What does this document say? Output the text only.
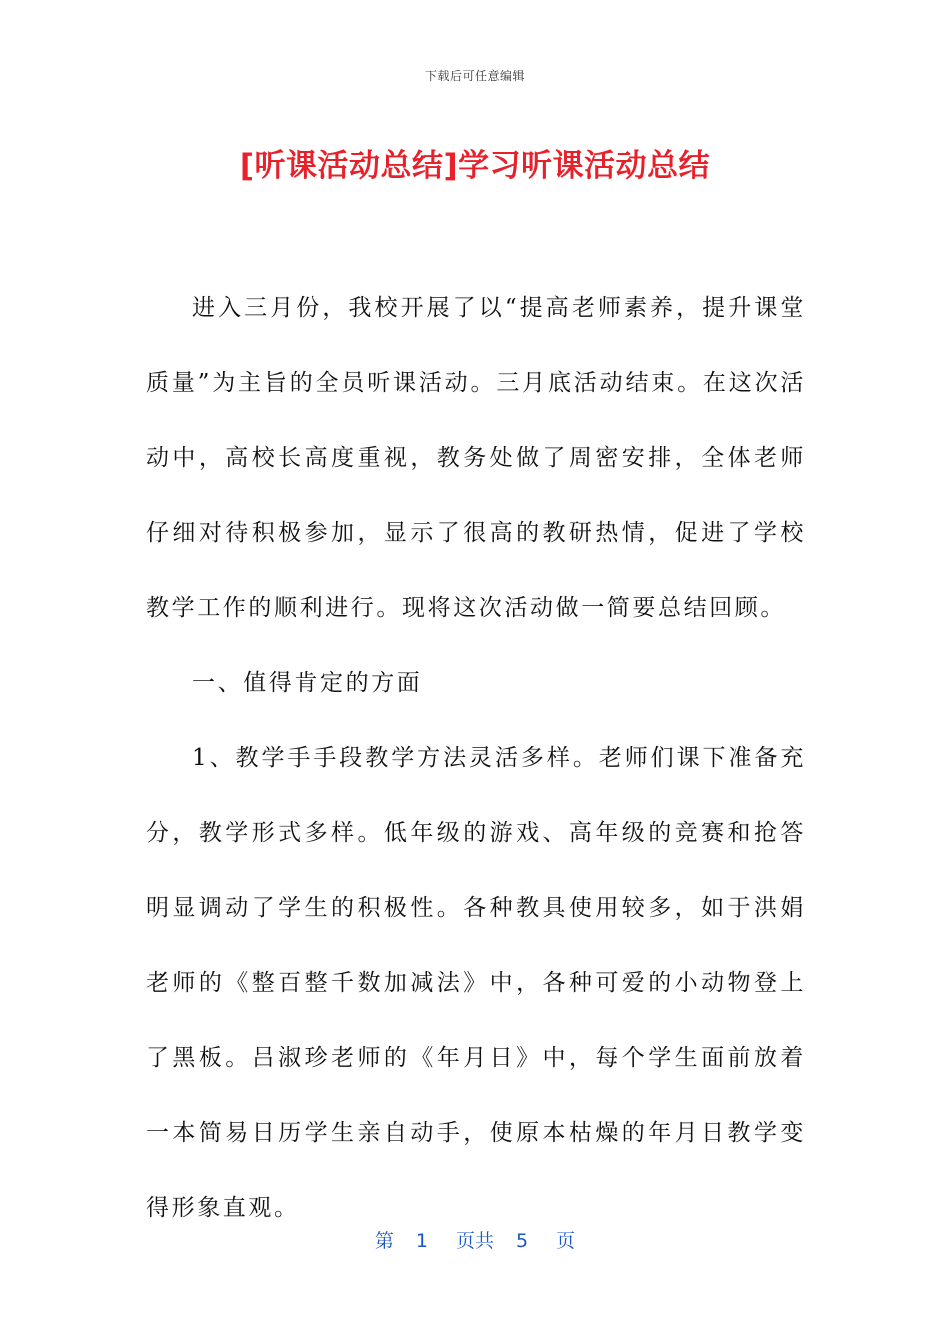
下载后可任意编辑
[听课活动总结]学习听课活动总结

进入三月份，我校开展了以“提高老师素养，提升课堂质量”为主旨的全员听课活动。三月底活动结束。在这次活动中，高校长高度重视，教务处做了周密安排，全体老师仔细对待积极参加，显示了很高的教研热情，促进了学校教学工作的顺利进行。现将这次活动做一简要总结回顾。

一、值得肯定的方面

1、教学手手段教学方法灵活多样。老师们课下准备充分，教学形式多样。低年级的游戏、高年级的竞赛和抢答明显调动了学生的积极性。各种教具使用较多，如于洪娟老师的《整百整千数加减法》中，各种可爱的小动物登上了黑板。吕淑珍老师的《年月日》中，每个学生面前放着一本简易日历学生亲自动手，使原本枯燥的年月日教学变得形象直观。

第 1 页共 5 页
